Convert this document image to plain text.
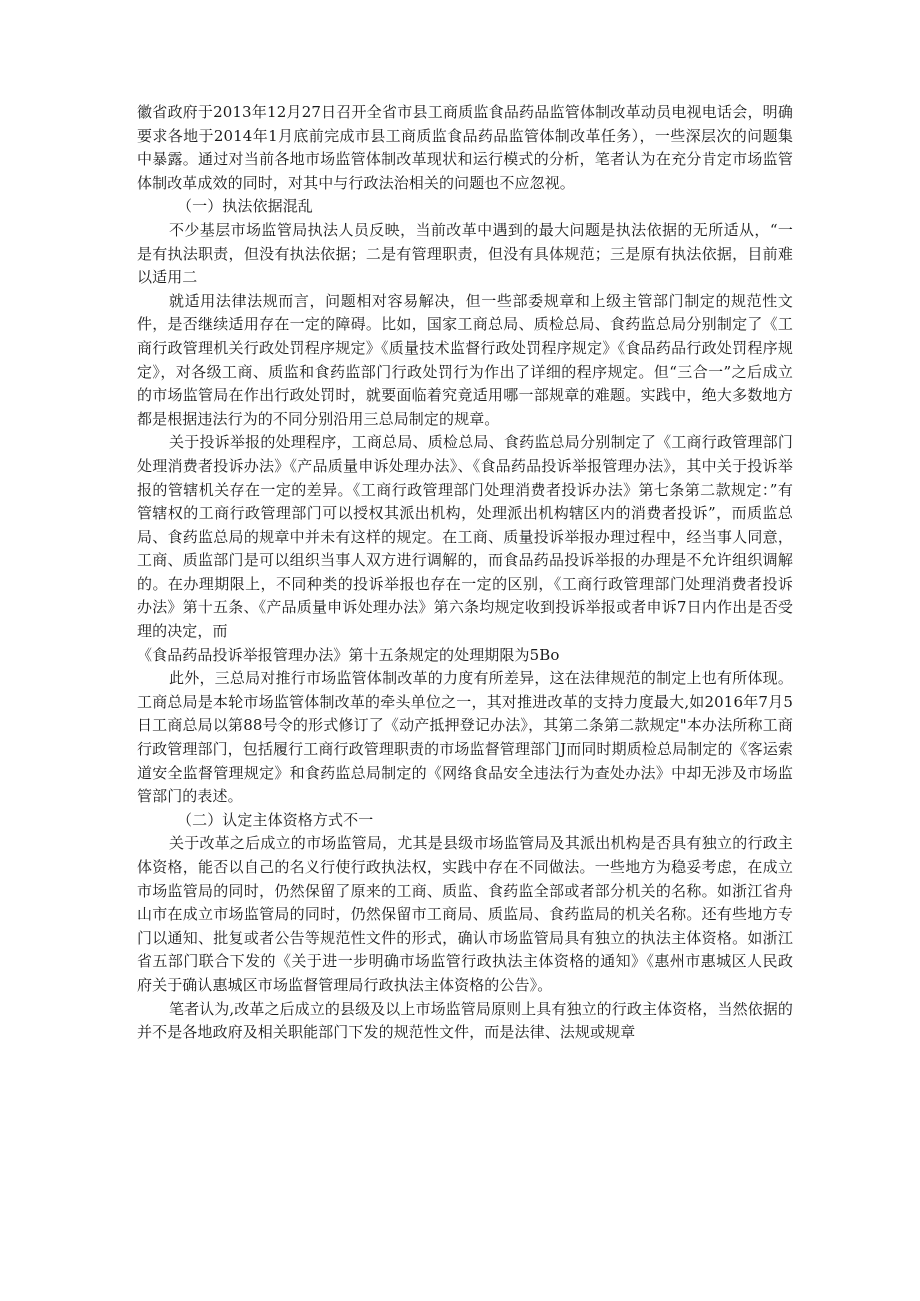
徽省政府于2013年12月27日召开全省市县工商质监食品药品监管体制改革动员电视电话会，明确要求各地于2014年1月底前完成市县工商质监食品药品监管体制改革任务），一些深层次的问题集中暴露。通过对当前各地市场监管体制改革现状和运行模式的分析，笔者认为在充分肯定市场监管体制改革成效的同时，对其中与行政法治相关的问题也不应忽视。

（一）执法依据混乱

不少基层市场监管局执法人员反映，当前改革中遇到的最大问题是执法依据的无所适从，“一是有执法职责，但没有执法依据；二是有管理职责，但没有具体规范；三是原有执法依据，目前难以适用二

就适用法律法规而言，问题相对容易解决，但一些部委规章和上级主管部门制定的规范性文件，是否继续适用存在一定的障碍。比如，国家工商总局、质检总局、食药监总局分别制定了《工商行政管理机关行政处罚程序规定》《质量技术监督行政处罚程序规定》《食品药品行政处罚程序规定》，对各级工商、质监和食药监部门行政处罚行为作出了详细的程序规定。但“三合一”之后成立的市场监管局在作出行政处罚时，就要面临着究竟适用哪一部规章的难题。实践中，绝大多数地方都是根据违法行为的不同分别沿用三总局制定的规章。

关于投诉举报的处理程序，工商总局、质检总局、食药监总局分别制定了《工商行政管理部门处理消费者投诉办法》《产品质量申诉处理办法》、《食品药品投诉举报管理办法》，其中关于投诉举报的管辖机关存在一定的差异。《工商行政管理部门处理消费者投诉办法》第七条第二款规定：”有管辖权的工商行政管理部门可以授权其派出机构，处理派出机构辖区内的消费者投诉”，而质监总局、食药监总局的规章中并未有这样的规定。在工商、质量投诉举报办理过程中，经当事人同意，工商、质监部门是可以组织当事人双方进行调解的，而食品药品投诉举报的办理是不允许组织调解的。在办理期限上，不同种类的投诉举报也存在一定的区别，《工商行政管理部门处理消费者投诉办法》第十五条、《产品质量申诉处理办法》第六条均规定收到投诉举报或者申诉7日内作出是否受理的决定，而

《食品药品投诉举报管理办法》第十五条规定的处理期限为5Bo

此外，三总局对推行市场监管体制改革的力度有所差异，这在法律规范的制定上也有所体现。工商总局是本轮市场监管体制改革的牵头单位之一，其对推进改革的支持力度最大,如2016年7月5日工商总局以第88号令的形式修订了《动产抵押登记办法》，其第二条第二款规定"本办法所称工商行政管理部门，包括履行工商行政管理职责的市场监督管理部门J而同时期质检总局制定的《客运索道安全监督管理规定》和食药监总局制定的《网络食品安全违法行为查处办法》中却无涉及市场监管部门的表述。

（二）认定主体资格方式不一

关于改革之后成立的市场监管局，尤其是县级市场监管局及其派出机构是否具有独立的行政主体资格，能否以自己的名义行使行政执法权，实践中存在不同做法。一些地方为稳妥考虑，在成立市场监管局的同时，仍然保留了原来的工商、质监、食药监全部或者部分机关的名称。如浙江省舟山市在成立市场监管局的同时，仍然保留市工商局、质监局、食药监局的机关名称。还有些地方专门以通知、批复或者公告等规范性文件的形式，确认市场监管局具有独立的执法主体资格。如浙江省五部门联合下发的《关于进一步明确市场监管行政执法主体资格的通知》《惠州市惠城区人民政府关于确认惠城区市场监督管理局行政执法主体资格的公告》。

笔者认为,改革之后成立的县级及以上市场监管局原则上具有独立的行政主体资格，当然依据的并不是各地政府及相关职能部门下发的规范性文件，而是法律、法规或规章
